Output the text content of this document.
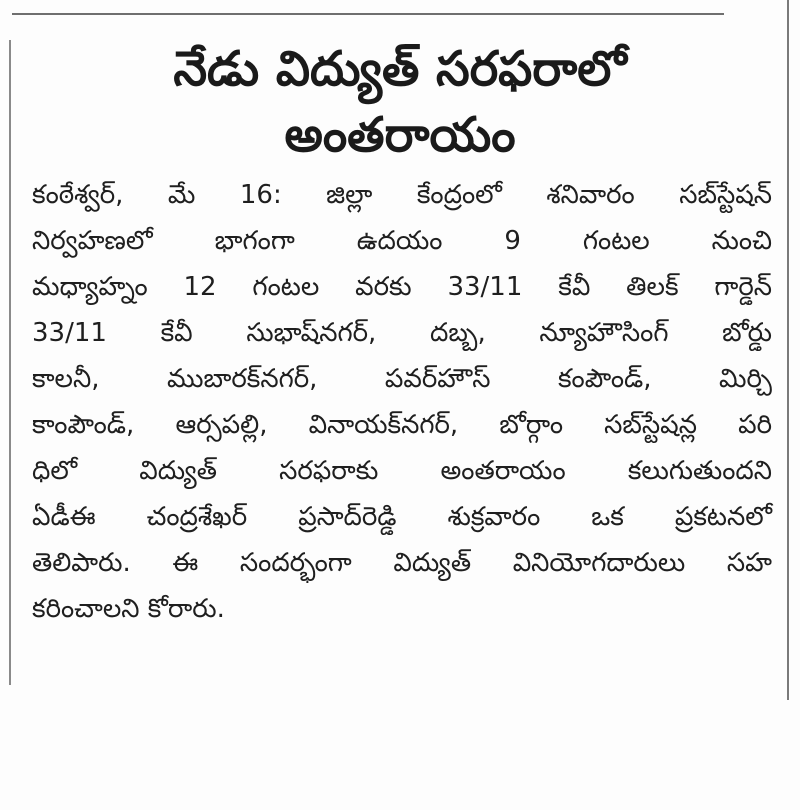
నేడు విద్యుత్ సరఫరాలో
అంతరాయం
కంఠేశ్వర్, మే 16: జిల్లా కేంద్రంలో శనివారం సబ్‌స్టేషన్
నిర్వహణలో భాగంగా ఉదయం 9 గంటల నుంచి
మధ్యాహ్నం 12 గంటల వరకు 33/11 కేవీ తిలక్ గార్డెన్
33/11 కేవీ సుభాష్‌నగర్, దబ్బ, న్యూహౌసింగ్ బోర్డు
కాలనీ, ముబారక్‌నగర్, పవర్‌హౌస్ కంపౌండ్, మిర్చి
కాంపౌండ్, ఆర్సపల్లి, వినాయక్‌నగర్, బోర్గాం సబ్‌స్టేషన్ల పరి
ధిలో విద్యుత్ సరఫరాకు అంతరాయం కలుగుతుందని
ఏడీఈ చంద్రశేఖర్ ప్రసాద్‌రెడ్డి శుక్రవారం ఒక ప్రకటనలో
తెలిపారు. ఈ సందర్భంగా విద్యుత్ వినియోగదారులు సహ
కరించాలని కోరారు.
